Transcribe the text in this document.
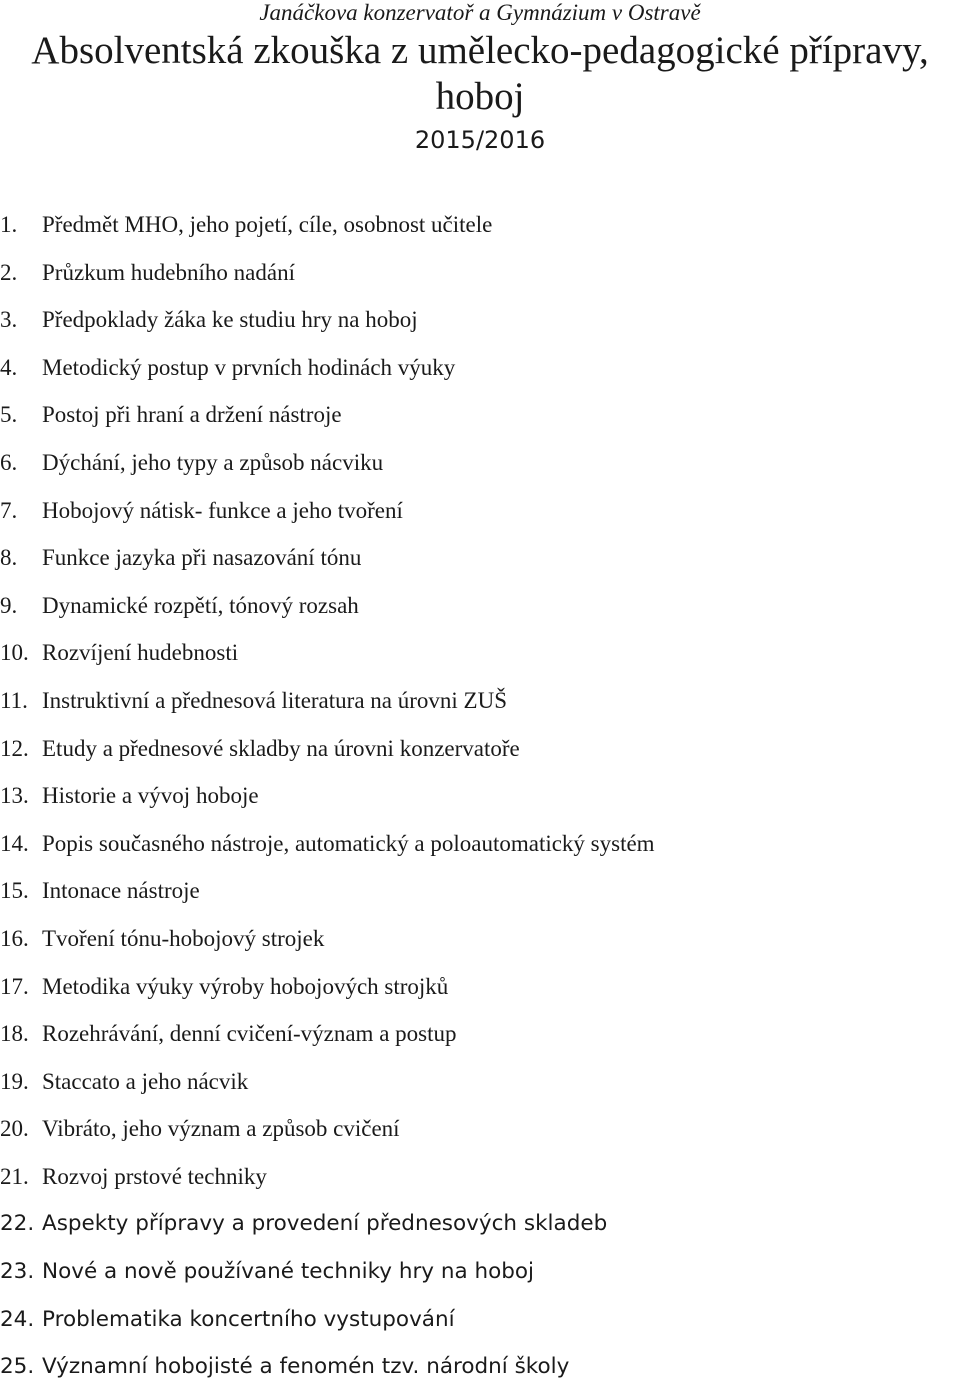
Janáčkova konzervatoř a Gymnázium v Ostravě
Absolventská zkouška z umělecko-pedagogické přípravy,
hoboj
2015/2016
1. Předmět MHO, jeho pojetí, cíle, osobnost učitele
2. Průzkum hudebního nadání
3. Předpoklady žáka ke studiu hry na hoboj
4. Metodický postup v prvních hodinách výuky
5. Postoj při hraní a držení nástroje
6. Dýchání, jeho typy a způsob nácviku
7. Hobojový nátisk- funkce a jeho tvoření
8. Funkce jazyka při nasazování tónu
9. Dynamické rozpětí, tónový rozsah
10. Rozvíjení hudebnosti
11. Instruktivní a přednesová literatura na úrovni ZUŠ
12. Etudy a přednesové skladby na úrovni konzervatoře
13. Historie a vývoj hoboje
14. Popis současného nástroje, automatický a poloautomatický systém
15. Intonace nástroje
16. Tvoření tónu-hobojový strojek
17. Metodika výuky výroby hobojových strojků
18. Rozehrávání, denní cvičení-význam a postup
19. Staccato a jeho nácvik
20. Vibráto, jeho význam a způsob cvičení
21. Rozvoj prstové techniky
22. Aspekty přípravy a provedení přednesových skladeb
23. Nové a nově používané techniky hry na hoboj
24. Problematika koncertního vystupování
25. Významní hobojisté a fenomén tzv. národní školy
